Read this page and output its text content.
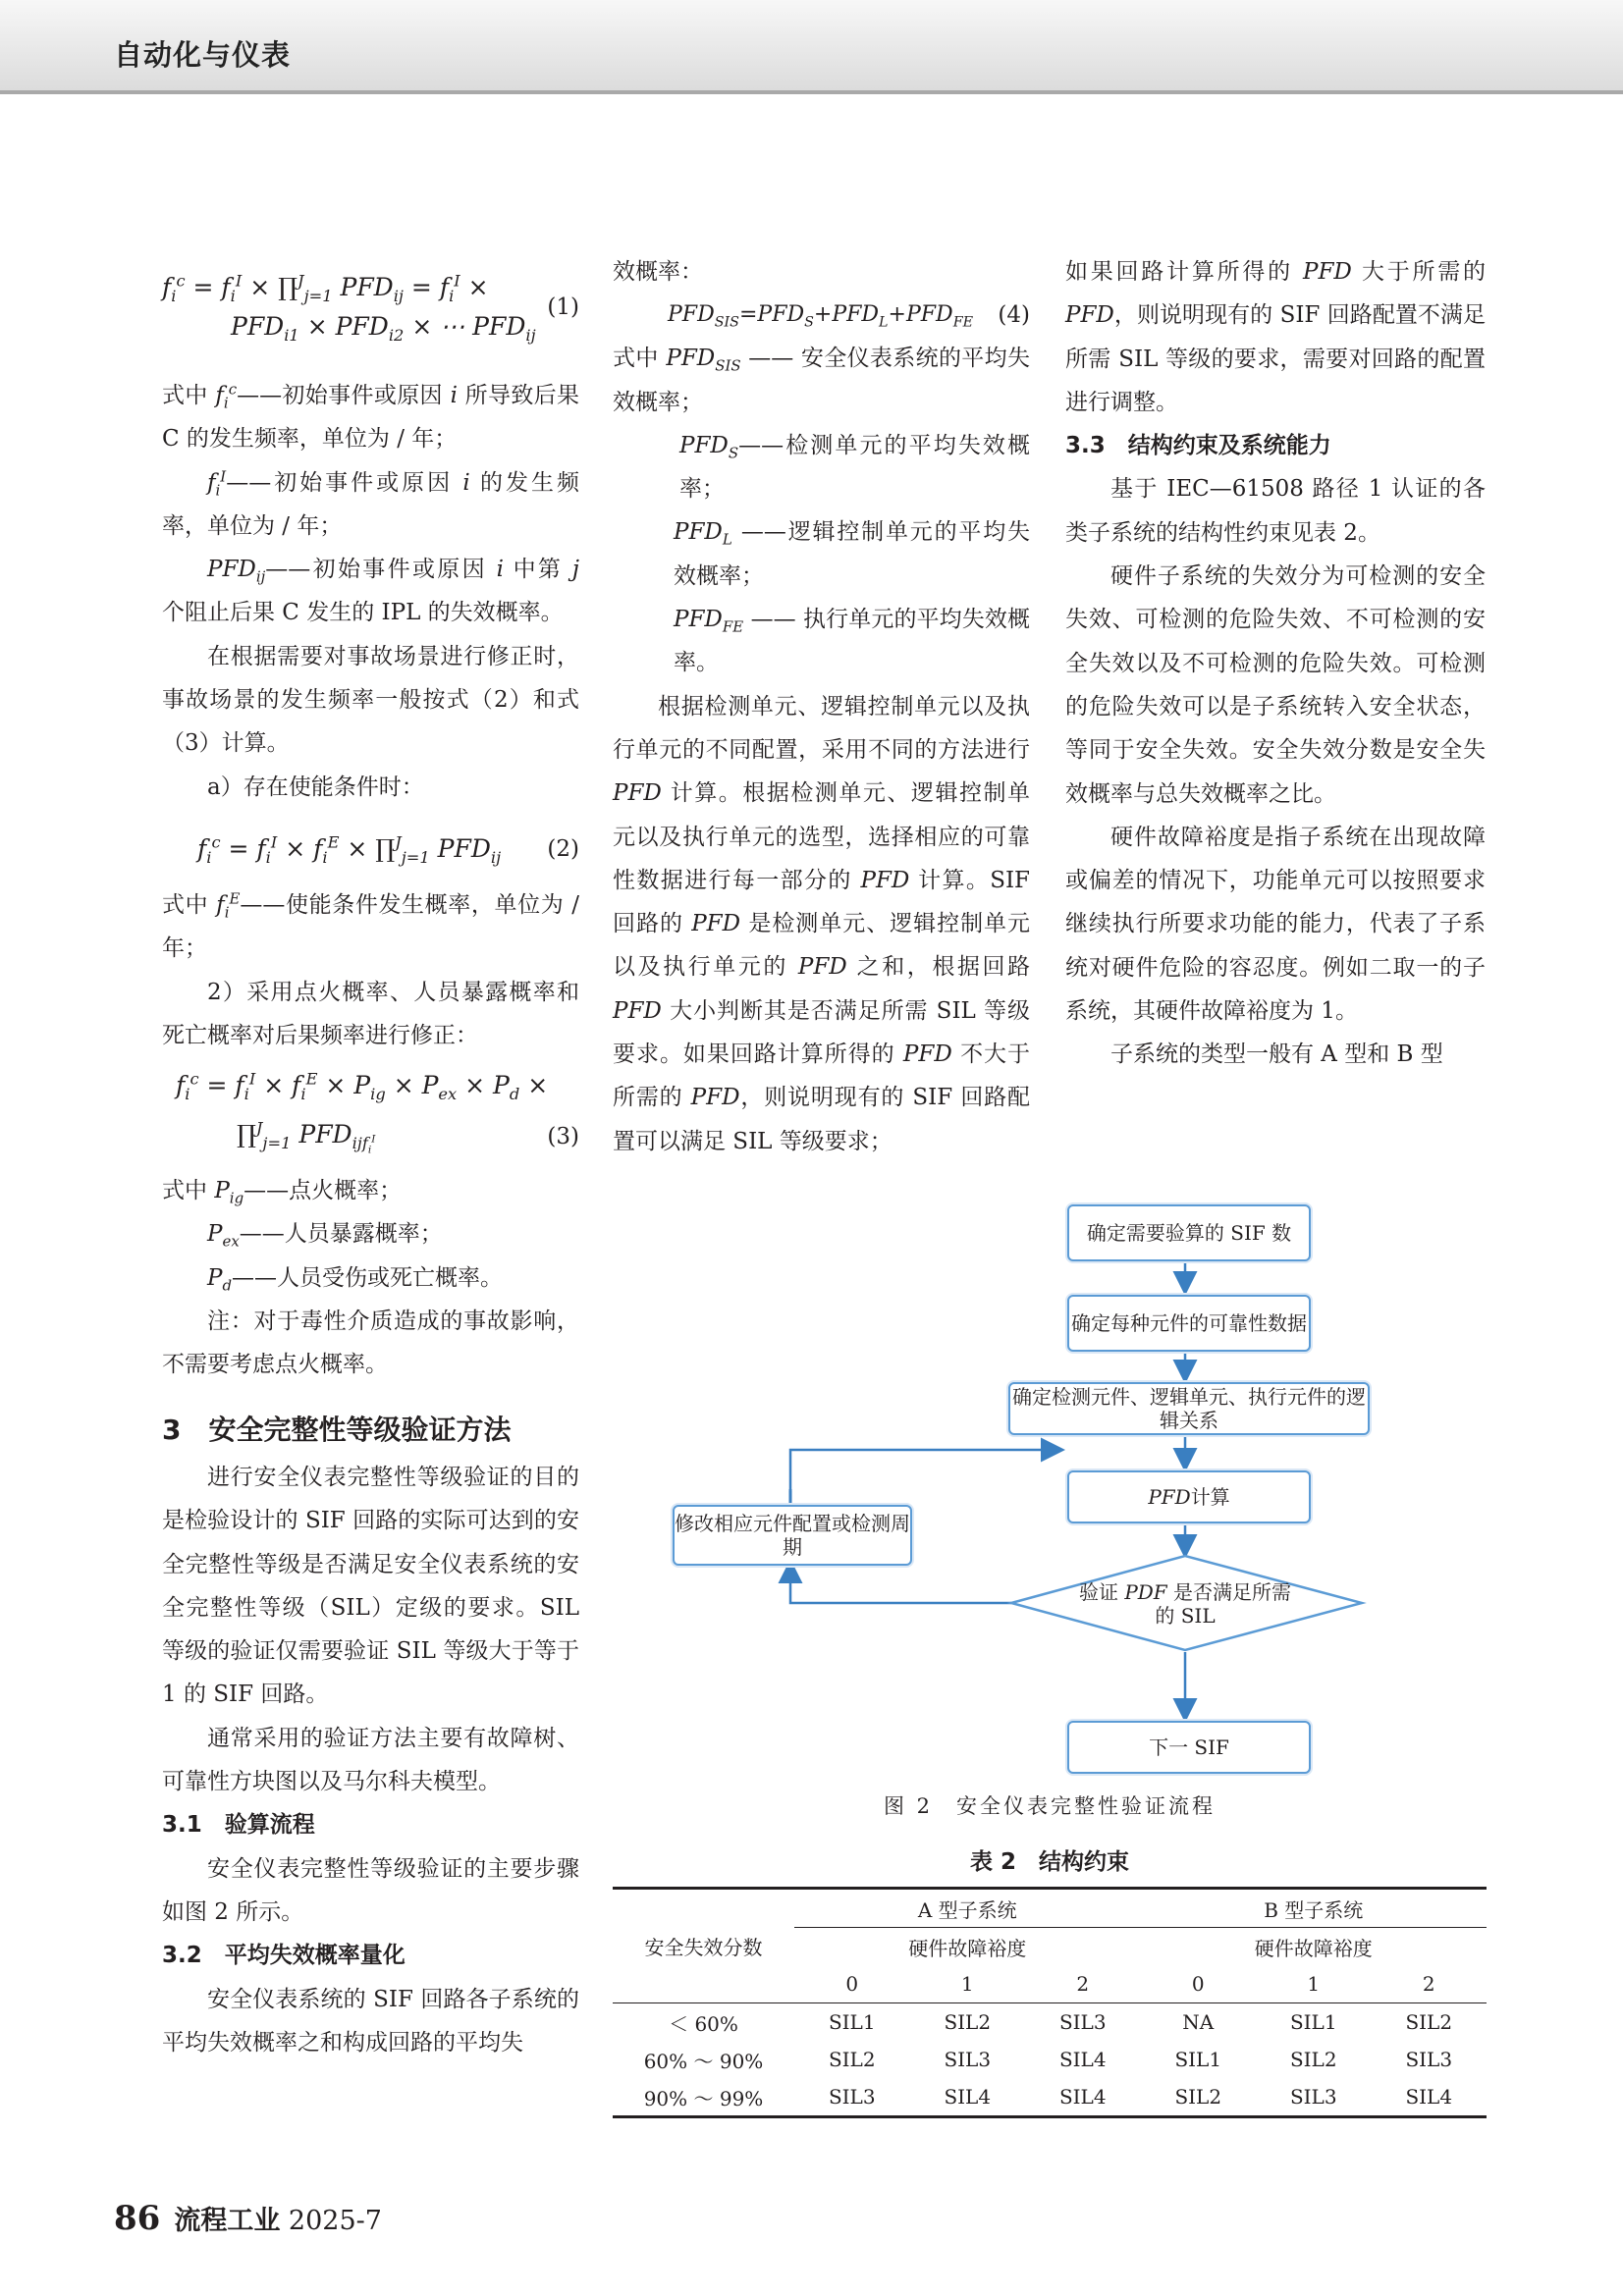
自动化与仪表
$f_i^c = f_i^I$ × ∏$^J_{j=1}$ $PFD_{ij} = f_i^I$ ×
$PFD_{i1} \times PFD_{i2}$ × ⋯ $PFD_{ij}$
(1)

式中 $f_i^c——$初始事件或原因 i 所导致后果 C 的发生频率，单位为 / 年；

$f_i^I——$初始事件或原因 i 的发生频率，单位为 / 年；

$PFD_{ij}——$初始事件或原因 i 中第 j 个阻止后果 C 发生的 IPL 的失效概率。

在根据需要对事故场景进行修正时，事故场景的发生频率一般按式（2）和式（3）计算。

a）存在使能条件时：

$f_i^c = f_i^I \times f_i^E$ × ∏$^J_{j=1}$ $PFD_{ij}$ (2)

式中 $f_i^E——$使能条件发生概率，单位为 / 年；

2）采用点火概率、人员暴露概率和死亡概率对后果频率进行修正：

$f_i^c = f_i^I \times f_i^E \times P_{ig} \times P_{ex} \times P_d$ ×
∏$^J_{j=1}$ $PFD_{ijf_i^I}$	(3)

式中 $P_{ig}——$点火概率；

$P_{ex}——$人员暴露概率；

$P_d——$人员受伤或死亡概率。

注：对于毒性介质造成的事故影响，不需要考虑点火概率。

3　安全完整性等级验证方法

进行安全仪表完整性等级验证的目的是检验设计的 SIF 回路的实际可达到的安全完整性等级是否满足安全仪表系统的安全完整性等级（SIL）定级的要求。SIL 等级的验证仅需要验证 SIL 等级大于等于 1 的 SIF 回路。

通常采用的验证方法主要有故障树、可靠性方块图以及马尔科夫模型。

3.1　验算流程

安全仪表完整性等级验证的主要步骤如图 2 所示。

3.2　平均失效概率量化

安全仪表系统的 SIF 回路各子系统的平均失效概率之和构成回路的平均失

效概率：

$PFD_{SIS}=PFD_S+PFD_L+PFD_{FE}$ (4)

式中 $PFD_{SIS}$ —— 安全仪表系统的平均失效概率；

$PFD_S——$检测单元的平均失效概率；

$PFD_L$ ——逻辑控制单元的平均失效概率；

$PFD_{FE}$ —— 执行单元的平均失效概率。

根据检测单元、逻辑控制单元以及执行单元的不同配置，采用不同的方法进行 PFD 计算。根据检测单元、逻辑控制单元以及执行单元的选型，选择相应的可靠性数据进行每一部分的 PFD 计算。SIF 回路的 PFD 是检测单元、逻辑控制单元以及执行单元的 PFD 之和，根据回路 PFD 大小判断其是否满足所需 SIL 等级要求。如果回路计算所得的 PFD 不大于所需的 PFD，则说明现有的 SIF 回路配置可以满足 SIL 等级要求；

如果回路计算所得的 PFD 大于所需的 PFD，则说明现有的 SIF 回路配置不满足所需 SIL 等级的要求，需要对回路的配置进行调整。

3.3　结构约束及系统能力

基于 IEC—61508 路径 1 认证的各类子系统的结构性约束见表 2。

硬件子系统的失效分为可检测的安全失效、可检测的危险失效、不可检测的安全失效以及不可检测的危险失效。可检测的危险失效可以是子系统转入安全状态，等同于安全失效。安全失效分数是安全失效概率与总失效概率之比。

硬件故障裕度是指子系统在出现故障或偏差的情况下，功能单元可以按照要求继续执行所要求功能的能力，代表了子系统对硬件危险的容忍度。例如二取一的子系统，其硬件故障裕度为 1。

子系统的类型一般有 A 型和 B 型

确定需要验算的 SIF 数
确定每种元件的可靠性数据
确定检测元件、逻辑单元、执行元件的逻辑关系
PFD 计算
修改相应元件配置或检测周期
验证 PDF 是否满足所需的 SIL
下一 SIF
图 2　安全仪表完整性验证流程
表 2　结构约束
安全失效分数	A 型子系统			B 型子系统		
	硬件故障裕度			硬件故障裕度		
	0	1	2	0	1	2
＜ 60%	SIL1	SIL2	SIL3	NA	SIL1	SIL2
60% ～ 90%	SIL2	SIL3	SIL4	SIL1	SIL2	SIL3
90% ～ 99%	SIL3	SIL4	SIL4	SIL2	SIL3	SIL4
86 流程工业 2025-7
